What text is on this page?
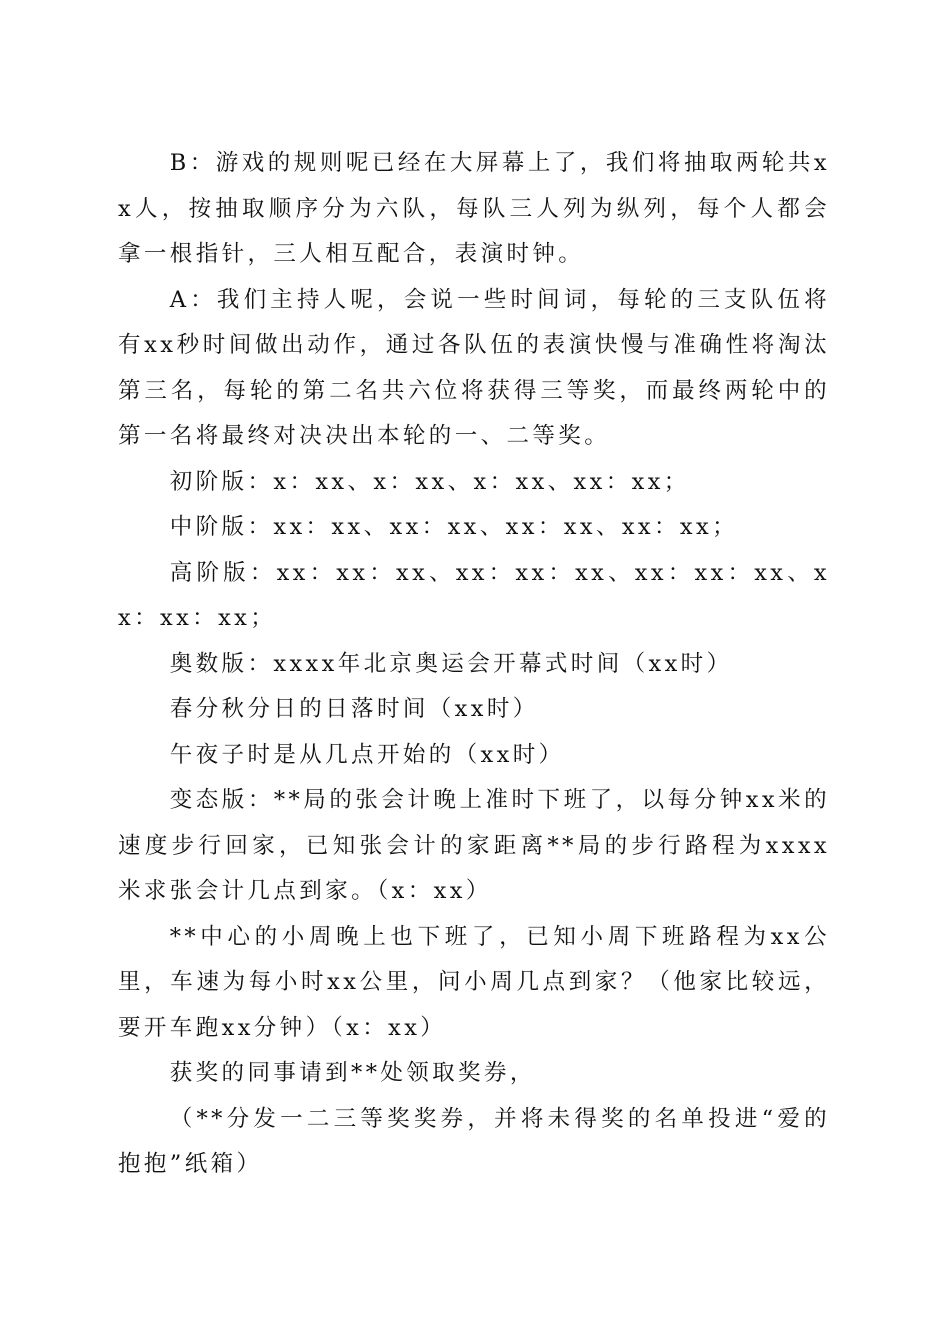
B：游戏的规则呢已经在大屏幕上了，我们将抽取两轮共xx人，按抽取顺序分为六队，每队三人列为纵列，每个人都会拿一根指针，三人相互配合，表演时钟。

A：我们主持人呢，会说一些时间词，每轮的三支队伍将有xx秒时间做出动作，通过各队伍的表演快慢与准确性将淘汰第三名，每轮的第二名共六位将获得三等奖，而最终两轮中的第一名将最终对决决出本轮的一、二等奖。

初阶版：x：xx、x：xx、x：xx、xx：xx；

中阶版：xx：xx、xx：xx、xx：xx、xx：xx；

高阶版：xx：xx：xx、xx：xx：xx、xx：xx：xx、xx：xx：xx；

奥数版：xxxx年北京奥运会开幕式时间（xx时）

春分秋分日的日落时间（xx时）

午夜子时是从几点开始的（xx时）

变态版：**局的张会计晚上准时下班了，以每分钟xx米的速度步行回家，已知张会计的家距离**局的步行路程为xxxx米求张会计几点到家。（x：xx）

**中心的小周晚上也下班了，已知小周下班路程为xx公里，车速为每小时xx公里，问小周几点到家？（他家比较远，要开车跑xx分钟）（x：xx）

获奖的同事请到**处领取奖券，

（**分发一二三等奖奖券，并将未得奖的名单投进“爱的抱抱”纸箱）
